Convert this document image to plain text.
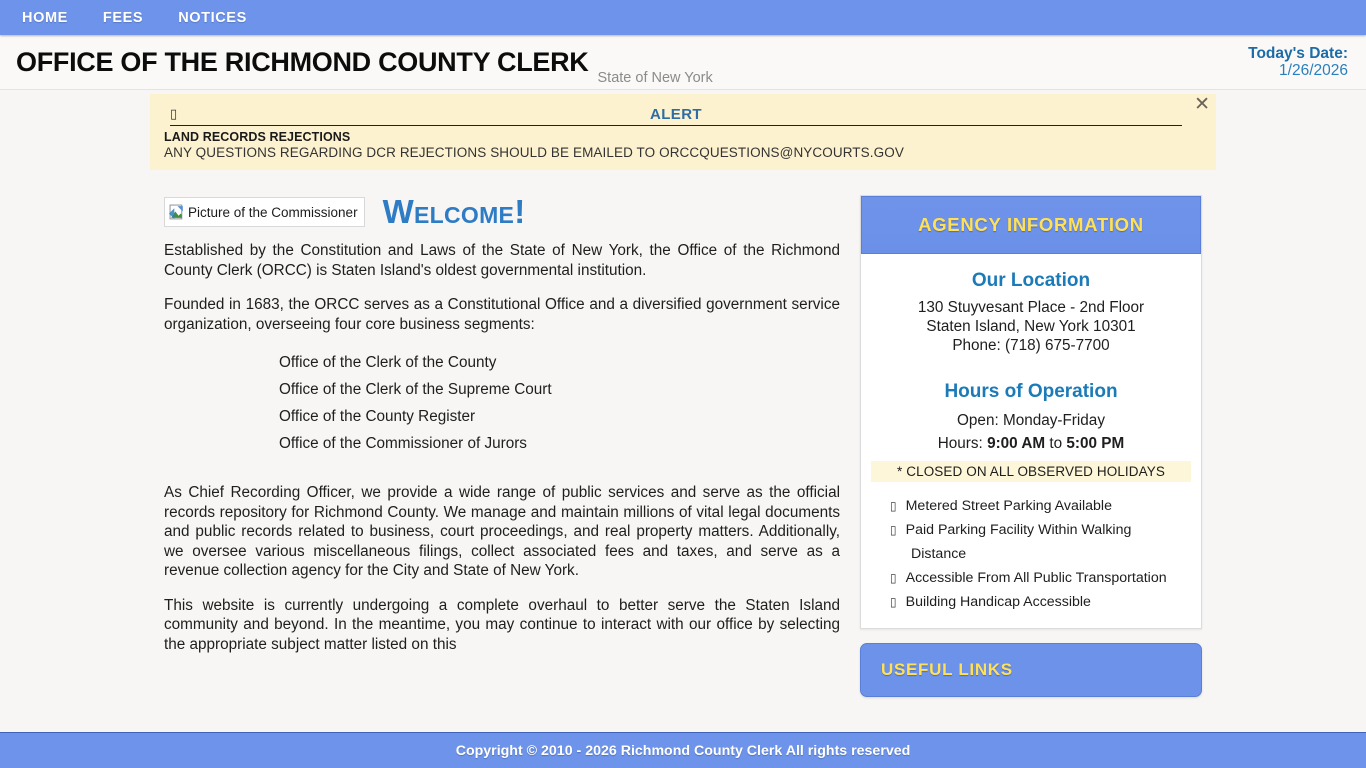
HOME FEES NOTICES
OFFICE OF THE RICHMOND COUNTY CLERK
State of New York
Today's Date:
1/26/2026
▯	ALERT
LAND RECORDS REJECTIONS
ANY QUESTIONS REGARDING DCR REJECTIONS SHOULD BE EMAILED TO ORCCQUESTIONS@NYCOURTS.GOV
✕
Picture of the Commissioner Welcome!

Established by the Constitution and Laws of the State of New York, the Office of the Richmond County Clerk (ORCC) is Staten Island's oldest governmental institution.

Founded in 1683, the ORCC serves as a Constitutional Office and a diversified government service organization, overseeing four core business segments:

Office of the Clerk of the County
Office of the Clerk of the Supreme Court
Office of the County Register
Office of the Commissioner of Jurors

As Chief Recording Officer, we provide a wide range of public services and serve as the official records repository for Richmond County. We manage and maintain millions of vital legal documents and public records related to business, court proceedings, and real property matters. Additionally, we oversee various miscellaneous filings, collect associated fees and taxes, and serve as a revenue collection agency for the City and State of New York.

This website is currently undergoing a complete overhaul to better serve the Staten Island community and beyond. In the meantime, you may continue to interact with our office by selecting the appropriate subject matter listed on this

AGENCY INFORMATION
Our Location
130 Stuyvesant Place - 2nd Floor
Staten Island, New York 10301
Phone: (718) 675-7700
Hours of Operation
Open: Monday-Friday
Hours: 9:00 AM to 5:00 PM
* CLOSED ON ALL OBSERVED HOLIDAYS
▯ Metered Street Parking Available
▯ Paid Parking Facility Within Walking Distance
▯ Accessible From All Public Transportation
▯ Building Handicap Accessible
USEFUL LINKS
Copyright © 2010 - 2026 Richmond County Clerk All rights reserved
